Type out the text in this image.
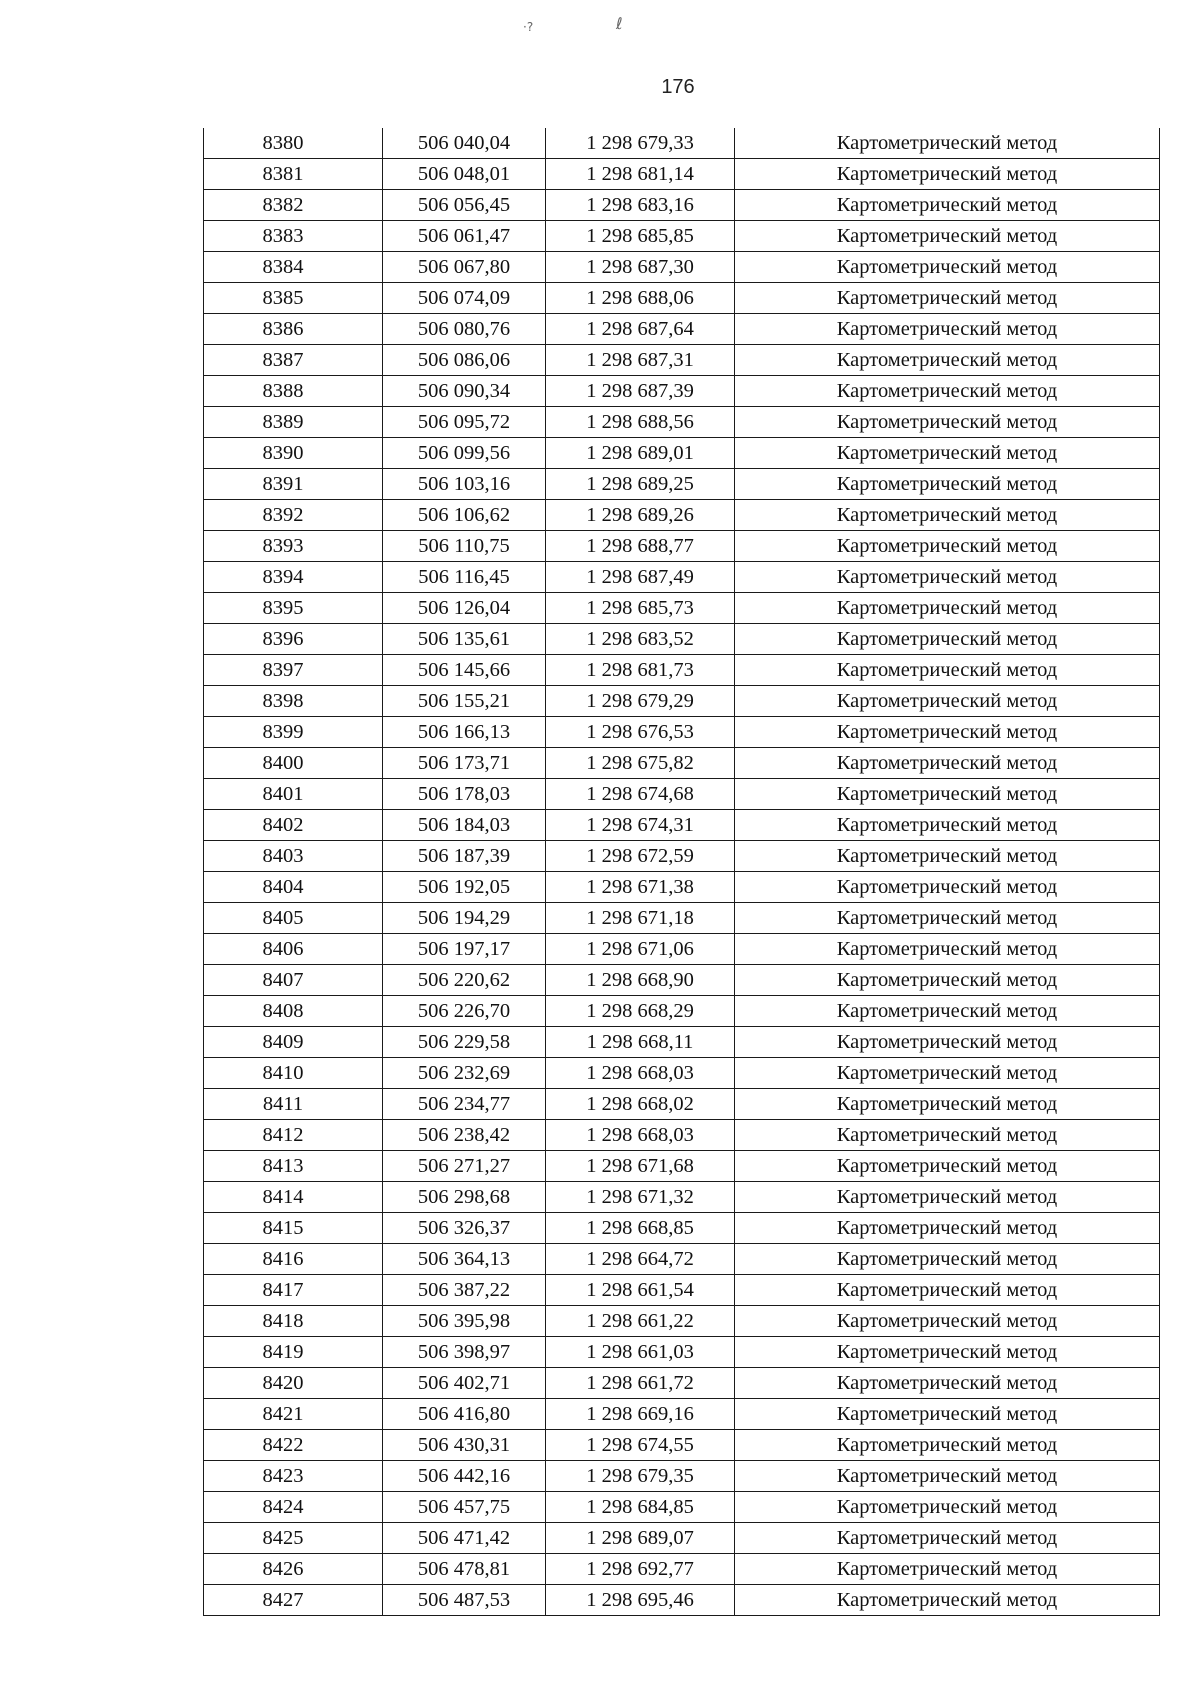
·?	ℓ
176
8380	506 040,04	1 298 679,33	Картометрический метод
8381	506 048,01	1 298 681,14	Картометрический метод
8382	506 056,45	1 298 683,16	Картометрический метод
8383	506 061,47	1 298 685,85	Картометрический метод
8384	506 067,80	1 298 687,30	Картометрический метод
8385	506 074,09	1 298 688,06	Картометрический метод
8386	506 080,76	1 298 687,64	Картометрический метод
8387	506 086,06	1 298 687,31	Картометрический метод
8388	506 090,34	1 298 687,39	Картометрический метод
8389	506 095,72	1 298 688,56	Картометрический метод
8390	506 099,56	1 298 689,01	Картометрический метод
8391	506 103,16	1 298 689,25	Картометрический метод
8392	506 106,62	1 298 689,26	Картометрический метод
8393	506 110,75	1 298 688,77	Картометрический метод
8394	506 116,45	1 298 687,49	Картометрический метод
8395	506 126,04	1 298 685,73	Картометрический метод
8396	506 135,61	1 298 683,52	Картометрический метод
8397	506 145,66	1 298 681,73	Картометрический метод
8398	506 155,21	1 298 679,29	Картометрический метод
8399	506 166,13	1 298 676,53	Картометрический метод
8400	506 173,71	1 298 675,82	Картометрический метод
8401	506 178,03	1 298 674,68	Картометрический метод
8402	506 184,03	1 298 674,31	Картометрический метод
8403	506 187,39	1 298 672,59	Картометрический метод
8404	506 192,05	1 298 671,38	Картометрический метод
8405	506 194,29	1 298 671,18	Картометрический метод
8406	506 197,17	1 298 671,06	Картометрический метод
8407	506 220,62	1 298 668,90	Картометрический метод
8408	506 226,70	1 298 668,29	Картометрический метод
8409	506 229,58	1 298 668,11	Картометрический метод
8410	506 232,69	1 298 668,03	Картометрический метод
8411	506 234,77	1 298 668,02	Картометрический метод
8412	506 238,42	1 298 668,03	Картометрический метод
8413	506 271,27	1 298 671,68	Картометрический метод
8414	506 298,68	1 298 671,32	Картометрический метод
8415	506 326,37	1 298 668,85	Картометрический метод
8416	506 364,13	1 298 664,72	Картометрический метод
8417	506 387,22	1 298 661,54	Картометрический метод
8418	506 395,98	1 298 661,22	Картометрический метод
8419	506 398,97	1 298 661,03	Картометрический метод
8420	506 402,71	1 298 661,72	Картометрический метод
8421	506 416,80	1 298 669,16	Картометрический метод
8422	506 430,31	1 298 674,55	Картометрический метод
8423	506 442,16	1 298 679,35	Картометрический метод
8424	506 457,75	1 298 684,85	Картометрический метод
8425	506 471,42	1 298 689,07	Картометрический метод
8426	506 478,81	1 298 692,77	Картометрический метод
8427	506 487,53	1 298 695,46	Картометрический метод
